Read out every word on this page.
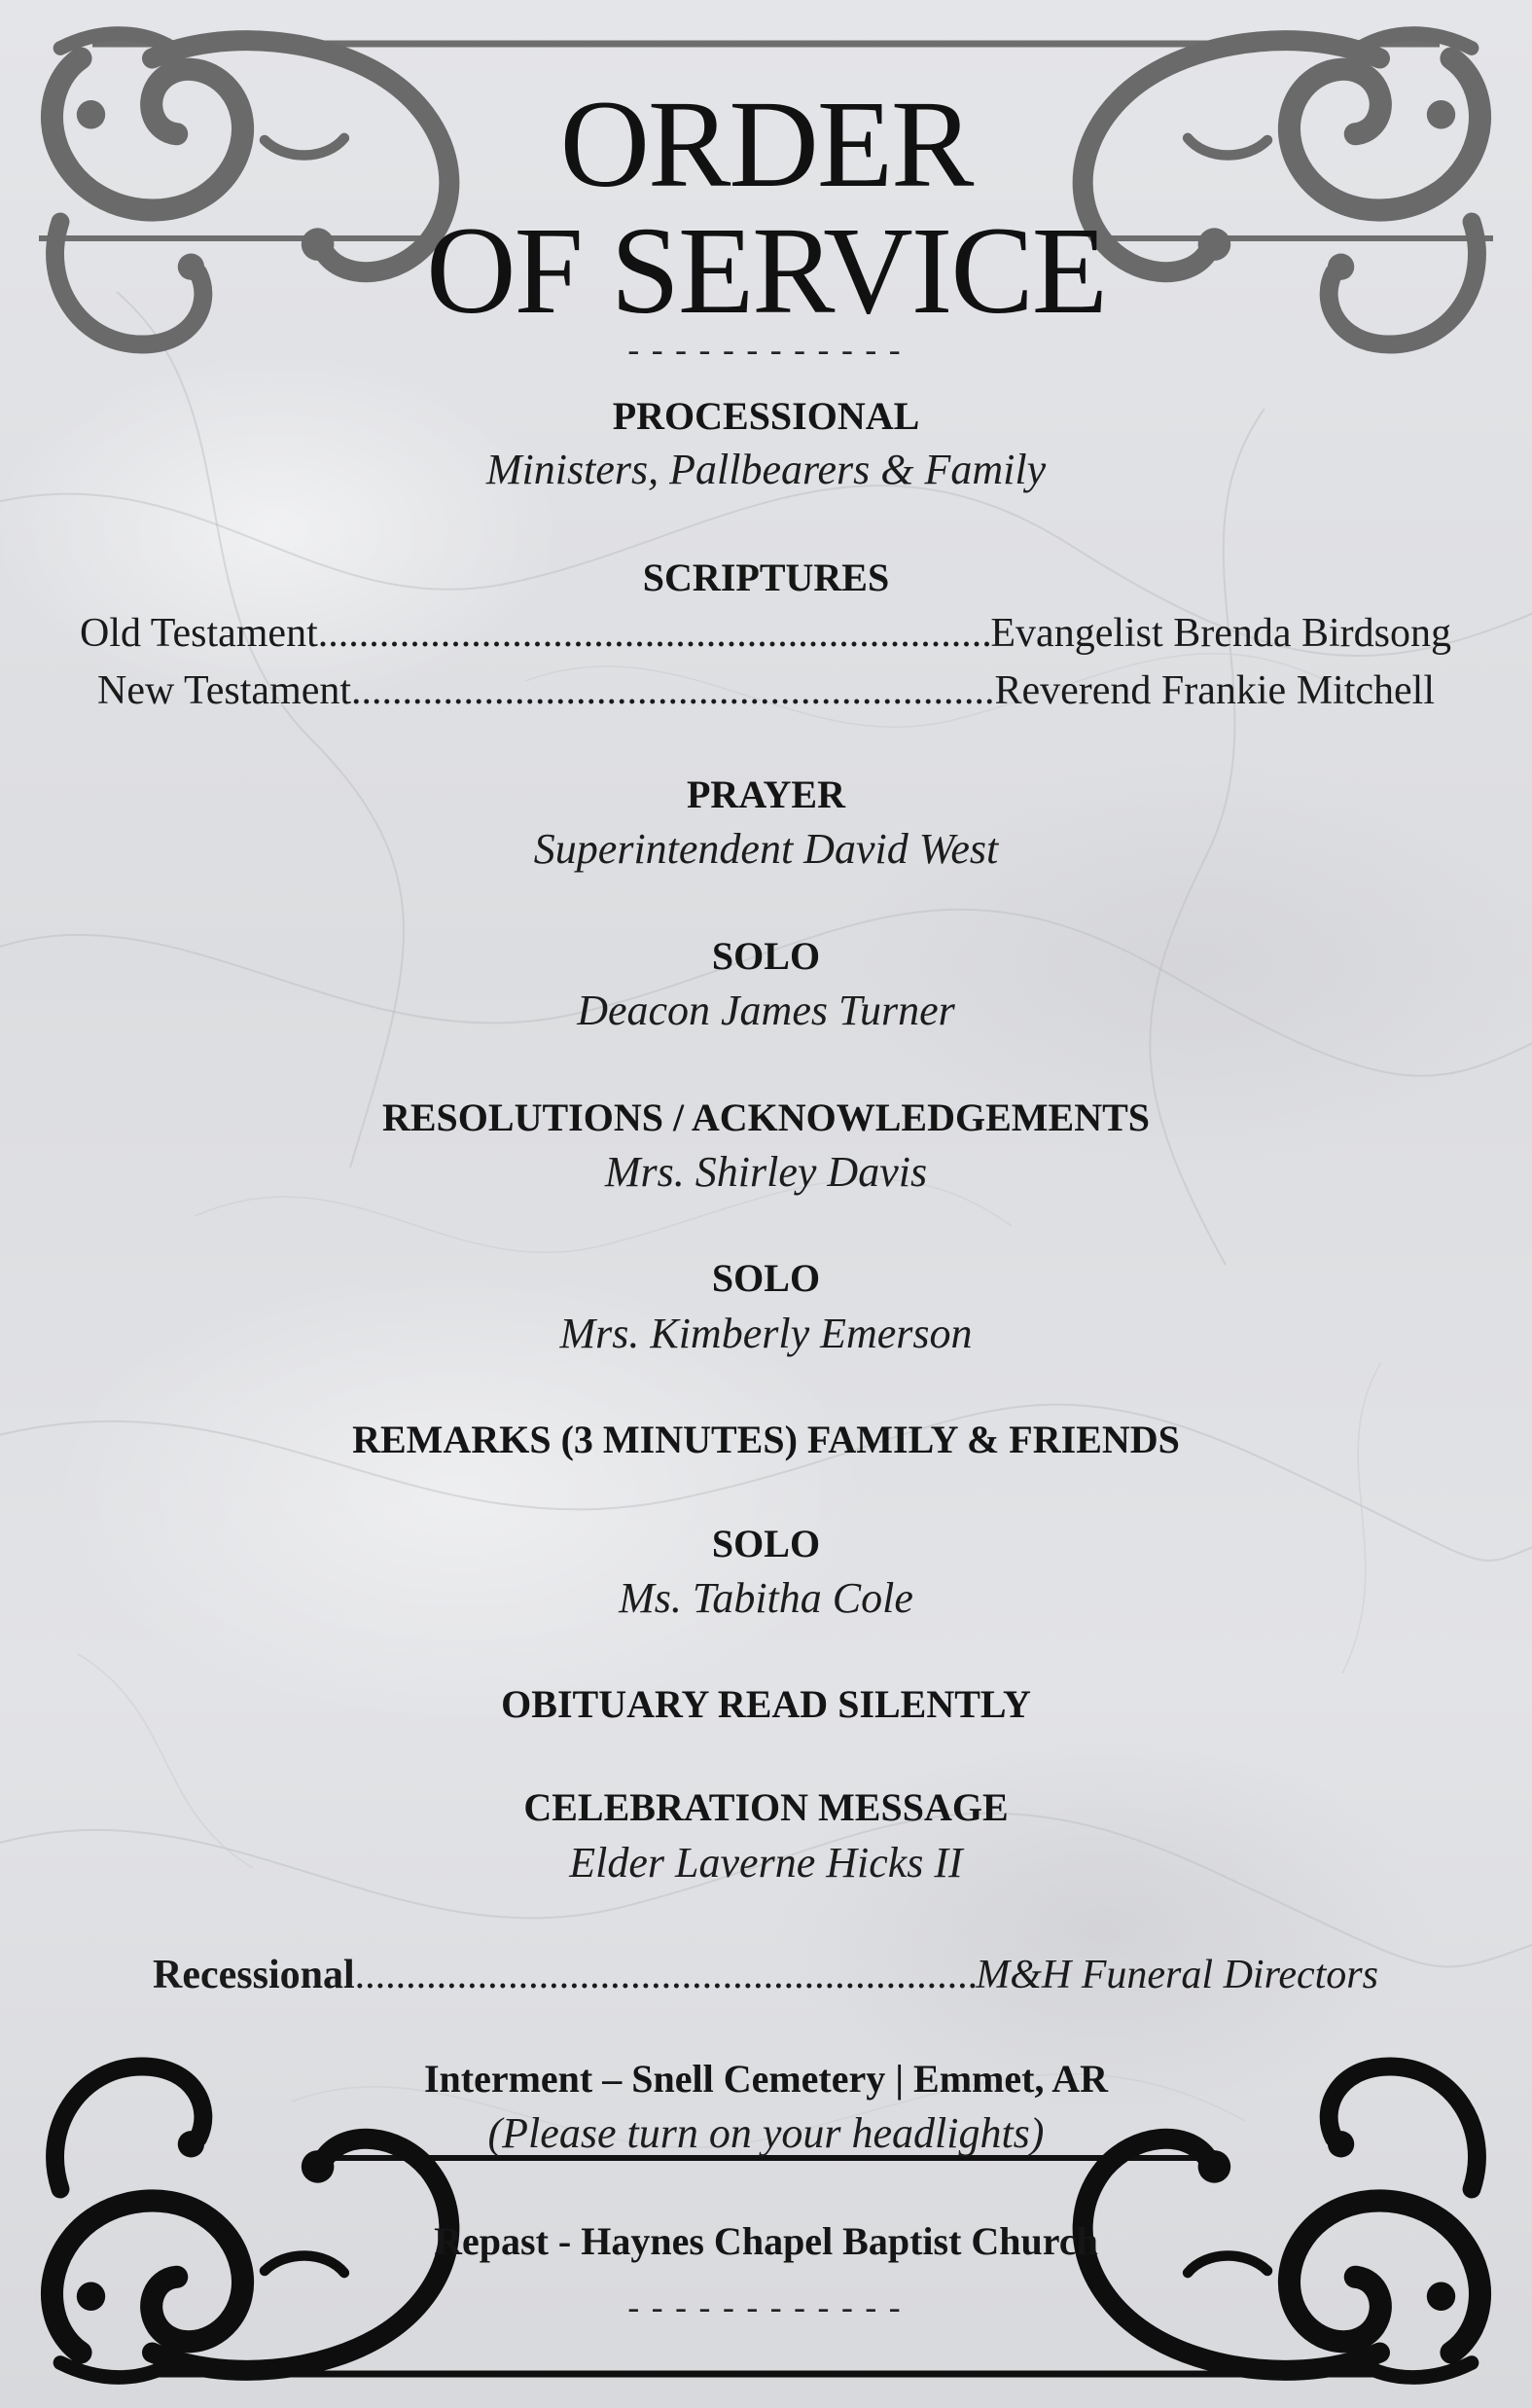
ORDER
OF SERVICE
------------
PROCESSIONAL
Ministers, Pallbearers & Family
SCRIPTURES
Old Testament .....	Evangelist Brenda Birdsong
New Testament .....	Reverend Frankie Mitchell
PRAYER
Superintendent David West
SOLO
Deacon James Turner
RESOLUTIONS / ACKNOWLEDGEMENTS
Mrs. Shirley Davis
SOLO
Mrs. Kimberly Emerson
REMARKS (3 MINUTES) FAMILY & FRIENDS
SOLO
Ms. Tabitha Cole
OBITUARY READ SILENTLY
CELEBRATION MESSAGE
Elder Laverne Hicks II
Recessional .....	M&H Funeral Directors
Interment – Snell Cemetery | Emmet, AR
(Please turn on your headlights)
Repast - Haynes Chapel Baptist Church
------------
